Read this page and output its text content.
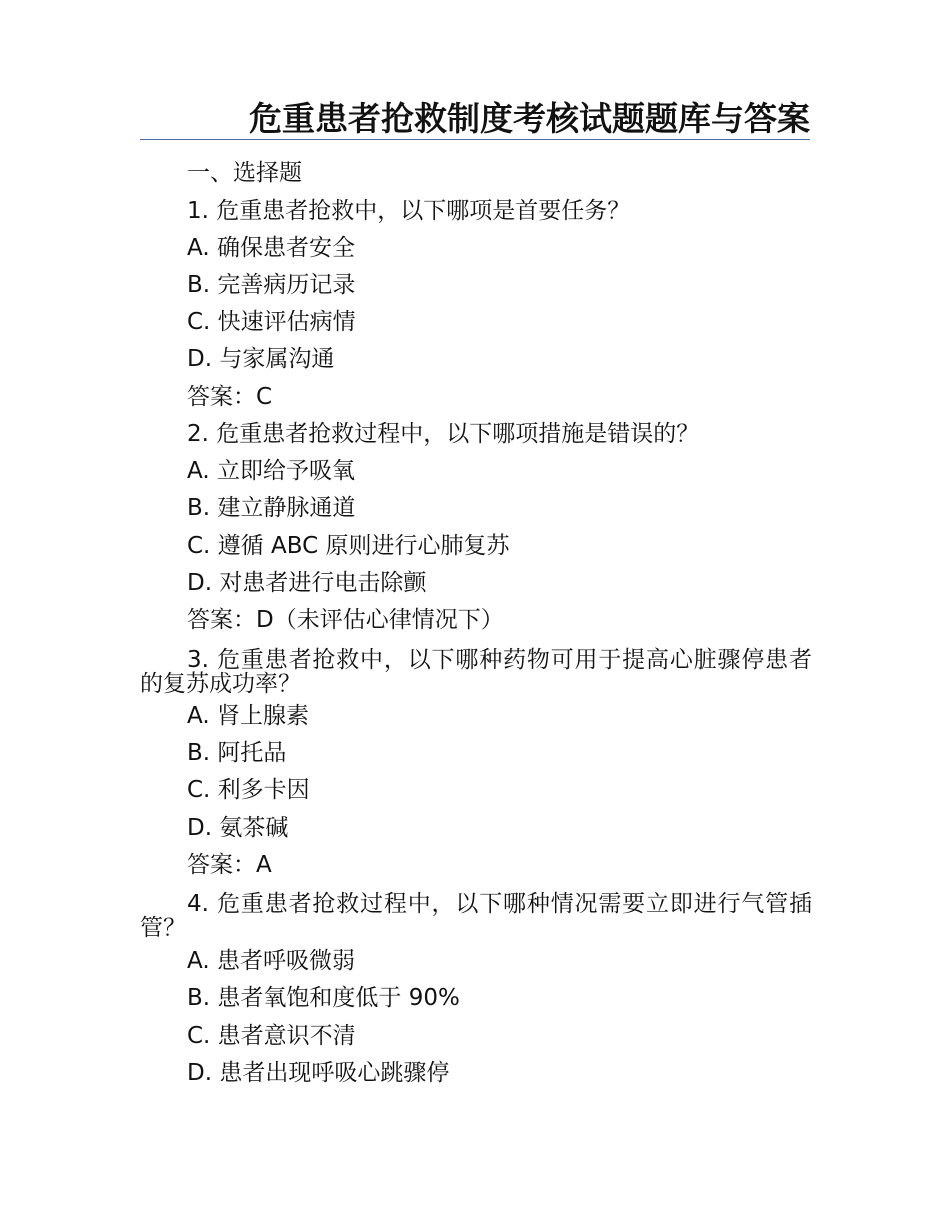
危重患者抢救制度考核试题题库与答案
一、选择题
1. 危重患者抢救中，以下哪项是首要任务？
A. 确保患者安全
B. 完善病历记录
C. 快速评估病情
D. 与家属沟通
答案：C
2. 危重患者抢救过程中，以下哪项措施是错误的？
A. 立即给予吸氧
B. 建立静脉通道
C. 遵循 ABC 原则进行心肺复苏
D. 对患者进行电击除颤
答案：D（未评估心律情况下）
3. 危重患者抢救中，以下哪种药物可用于提高心脏骤停患者的复苏成功率？
A. 肾上腺素
B. 阿托品
C. 利多卡因
D. 氨茶碱
答案：A
4. 危重患者抢救过程中，以下哪种情况需要立即进行气管插管？
A. 患者呼吸微弱
B. 患者氧饱和度低于 90%
C. 患者意识不清
D. 患者出现呼吸心跳骤停
